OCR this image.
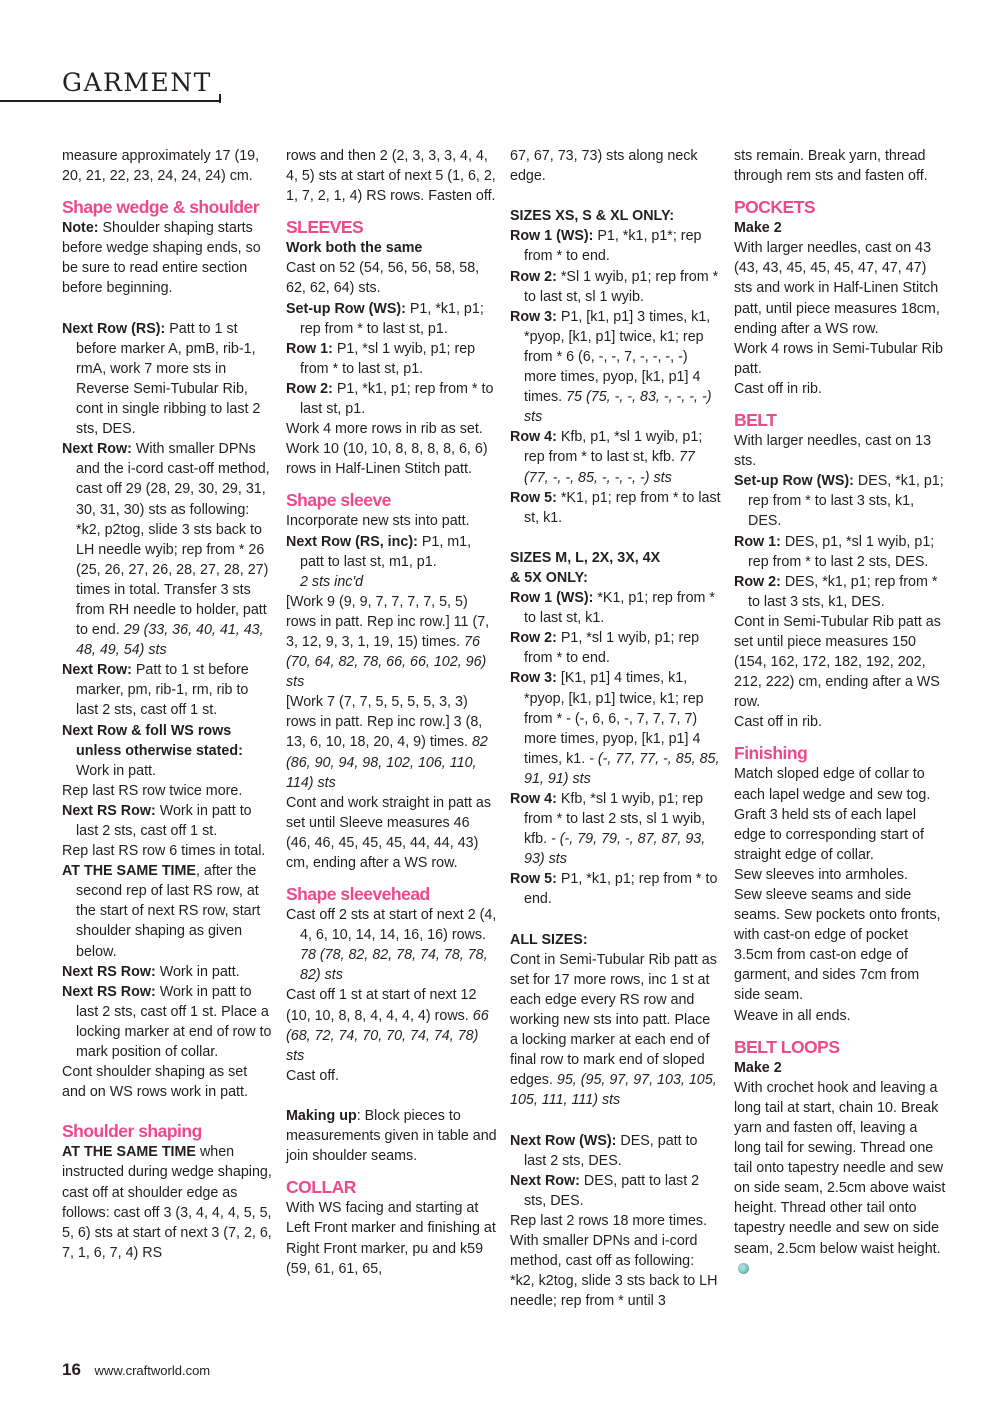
GARMENT

measure approximately 17 (19, 20, 21, 22, 23, 24, 24, 24) cm.

Shape wedge & shoulder

Note: Shoulder shaping starts before wedge shaping ends, so be sure to read entire section before beginning.

Next Row (RS): Patt to 1 st before marker A, pmB, rib-1, rmA, work 7 more sts in Reverse Semi-Tubular Rib, cont in single ribbing to last 2 sts, DES.

Next Row: With smaller DPNs and the i-cord cast-off method, cast off 29 (28, 29, 30, 29, 31, 30, 31, 30) sts as following: *k2, p2tog, slide 3 sts back to LH needle wyib; rep from * 26 (25, 26, 27, 26, 28, 27, 28, 27) times in total. Transfer 3 sts from RH needle to holder, patt to end. 29 (33, 36, 40, 41, 43, 48, 49, 54) sts

Next Row: Patt to 1 st before marker, pm, rib-1, rm, rib to last 2 sts, cast off 1 st.

Next Row & foll WS rows unless otherwise stated: Work in patt.

Rep last RS row twice more.

Next RS Row: Work in patt to last 2 sts, cast off 1 st.

Rep last RS row 6 times in total.

AT THE SAME TIME, after the second rep of last RS row, at the start of next RS row, start shoulder shaping as given below.

Next RS Row: Work in patt.

Next RS Row: Work in patt to last 2 sts, cast off 1 st. Place a locking marker at end of row to mark position of collar.

Cont shoulder shaping as set and on WS rows work in patt.

Shoulder shaping

AT THE SAME TIME when instructed during wedge shaping, cast off at shoulder edge as follows: cast off 3 (3, 4, 4, 4, 5, 5, 5, 6) sts at start of next 3 (7, 2, 6, 7, 1, 6, 7, 4) RS

rows and then 2 (2, 3, 3, 3, 4, 4, 4, 5) sts at start of next 5 (1, 6, 2, 1, 7, 2, 1, 4) RS rows. Fasten off.

SLEEVES

Work both the same

Cast on 52 (54, 56, 56, 58, 58, 62, 62, 64) sts.

Set-up Row (WS): P1, *k1, p1; rep from * to last st, p1.

Row 1: P1, *sl 1 wyib, p1; rep from * to last st, p1.

Row 2: P1, *k1, p1; rep from * to last st, p1.

Work 4 more rows in rib as set. Work 10 (10, 10, 8, 8, 8, 8, 6, 6) rows in Half-Linen Stitch patt.

Shape sleeve

Incorporate new sts into patt.

Next Row (RS, inc): P1, m1, patt to last st, m1, p1.
2 sts inc'd

[Work 9 (9, 9, 7, 7, 7, 7, 5, 5) rows in patt. Rep inc row.] 11 (7, 3, 12, 9, 3, 1, 19, 15) times. 76 (70, 64, 82, 78, 66, 66, 102, 96) sts

[Work 7 (7, 7, 5, 5, 5, 5, 3, 3) rows in patt. Rep inc row.] 3 (8, 13, 6, 10, 18, 20, 4, 9) times. 82 (86, 90, 94, 98, 102, 106, 110, 114) sts

Cont and work straight in patt as set until Sleeve measures 46 (46, 46, 45, 45, 45, 44, 44, 43) cm, ending after a WS row.

Shape sleevehead

Cast off 2 sts at start of next 2 (4, 4, 6, 10, 14, 14, 16, 16) rows. 78 (78, 82, 82, 78, 74, 78, 78, 82) sts

Cast off 1 st at start of next 12 (10, 10, 8, 8, 4, 4, 4, 4) rows. 66 (68, 72, 74, 70, 70, 74, 74, 78) sts

Cast off.

Making up: Block pieces to measurements given in table and join shoulder seams.

COLLAR

With WS facing and starting at Left Front marker and finishing at Right Front marker, pu and k59 (59, 61, 61, 65,

67, 67, 73, 73) sts along neck edge.

SIZES XS, S & XL ONLY:

Row 1 (WS): P1, *k1, p1*; rep from * to end.

Row 2: *Sl 1 wyib, p1; rep from * to last st, sl 1 wyib.

Row 3: P1, [k1, p1] 3 times, k1, *pyop, [k1, p1] twice, k1; rep from * 6 (6, -, -, 7, -, -, -, -) more times, pyop, [k1, p1] 4 times. 75 (75, -, -, 83, -, -, -, -) sts

Row 4: Kfb, p1, *sl 1 wyib, p1; rep from * to last st, kfb. 77 (77, -, -, 85, -, -, -, -) sts

Row 5: *K1, p1; rep from * to last st, k1.

SIZES M, L, 2X, 3X, 4X

& 5X ONLY:

Row 1 (WS): *K1, p1; rep from * to last st, k1.

Row 2: P1, *sl 1 wyib, p1; rep from * to end.

Row 3: [K1, p1] 4 times, k1, *pyop, [k1, p1] twice, k1; rep from * - (-, 6, 6, -, 7, 7, 7, 7) more times, pyop, [k1, p1] 4 times, k1. - (-, 77, 77, -, 85, 85, 91, 91) sts

Row 4: Kfb, *sl 1 wyib, p1; rep from * to last 2 sts, sl 1 wyib, kfb. - (-, 79, 79, -, 87, 87, 93, 93) sts

Row 5: P1, *k1, p1; rep from * to end.

ALL SIZES:

Cont in Semi-Tubular Rib patt as set for 17 more rows, inc 1 st at each edge every RS row and working new sts into patt. Place a locking marker at each end of final row to mark end of sloped edges. 95, (95, 97, 97, 103, 105, 105, 111, 111) sts

Next Row (WS): DES, patt to last 2 sts, DES.

Next Row: DES, patt to last 2 sts, DES.

Rep last 2 rows 18 more times.

With smaller DPNs and i-cord method, cast off as following: *k2, k2tog, slide 3 sts back to LH needle; rep from * until 3

sts remain. Break yarn, thread through rem sts and fasten off.

POCKETS

Make 2

With larger needles, cast on 43 (43, 43, 45, 45, 45, 47, 47, 47) sts and work in Half-Linen Stitch patt, until piece measures 18cm, ending after a WS row.

Work 4 rows in Semi-Tubular Rib patt.

Cast off in rib.

BELT

With larger needles, cast on 13 sts.

Set-up Row (WS): DES, *k1, p1; rep from * to last 3 sts, k1, DES.

Row 1: DES, p1, *sl 1 wyib, p1; rep from * to last 2 sts, DES.

Row 2: DES, *k1, p1; rep from * to last 3 sts, k1, DES.

Cont in Semi-Tubular Rib patt as set until piece measures 150 (154, 162, 172, 182, 192, 202, 212, 222) cm, ending after a WS row.

Cast off in rib.

Finishing

Match sloped edge of collar to each lapel wedge and sew tog. Graft 3 held sts of each lapel edge to corresponding start of straight edge of collar.

Sew sleeves into armholes.

Sew sleeve seams and side seams. Sew pockets onto fronts, with cast-on edge of pocket 3.5cm from cast-on edge of garment, and sides 7cm from side seam.

Weave in all ends.

BELT LOOPS

Make 2

With crochet hook and leaving a long tail at start, chain 10. Break yarn and fasten off, leaving a long tail for sewing. Thread one tail onto tapestry needle and sew on side seam, 2.5cm above waist height. Thread other tail onto tapestry needle and sew on side seam, 2.5cm below waist height.

16 www.craftworld.com
